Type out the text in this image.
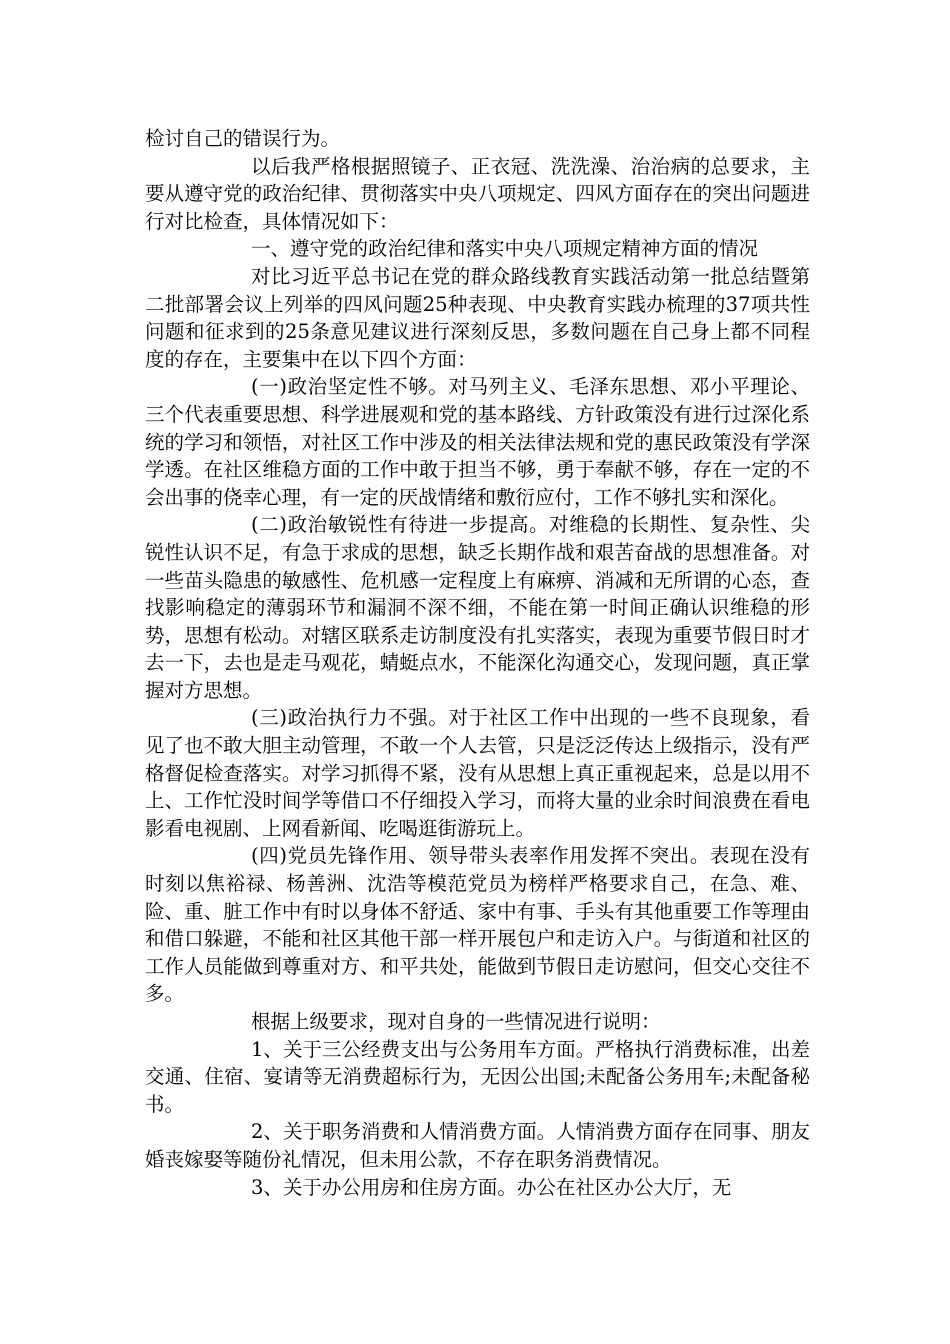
检讨自己的错误行为。

以后我严格根据照镜子、正衣冠、洗洗澡、治治病的总要求，主要从遵守党的政治纪律、贯彻落实中央八项规定、四风方面存在的突出问题进行对比检查，具体情况如下：

一、遵守党的政治纪律和落实中央八项规定精神方面的情况

对比习近平总书记在党的群众路线教育实践活动第一批总结暨第二批部署会议上列举的四风问题25种表现、中央教育实践办梳理的37项共性问题和征求到的25条意见建议进行深刻反思，多数问题在自己身上都不同程度的存在，主要集中在以下四个方面：

(一)政治坚定性不够。对马列主义、毛泽东思想、邓小平理论、三个代表重要思想、科学进展观和党的基本路线、方针政策没有进行过深化系统的学习和领悟，对社区工作中涉及的相关法律法规和党的惠民政策没有学深学透。在社区维稳方面的工作中敢于担当不够，勇于奉献不够，存在一定的不会出事的侥幸心理，有一定的厌战情绪和敷衍应付，工作不够扎实和深化。

(二)政治敏锐性有待进一步提高。对维稳的长期性、复杂性、尖锐性认识不足，有急于求成的思想，缺乏长期作战和艰苦奋战的思想准备。对一些苗头隐患的敏感性、危机感一定程度上有麻痹、消减和无所谓的心态，查找影响稳定的薄弱环节和漏洞不深不细，不能在第一时间正确认识维稳的形势，思想有松动。对辖区联系走访制度没有扎实落实，表现为重要节假日时才去一下，去也是走马观花，蜻蜓点水，不能深化沟通交心，发现问题，真正掌握对方思想。

(三)政治执行力不强。对于社区工作中出现的一些不良现象，看见了也不敢大胆主动管理，不敢一个人去管，只是泛泛传达上级指示，没有严格督促检查落实。对学习抓得不紧，没有从思想上真正重视起来，总是以用不上、工作忙没时间学等借口不仔细投入学习，而将大量的业余时间浪费在看电影看电视剧、上网看新闻、吃喝逛街游玩上。

(四)党员先锋作用、领导带头表率作用发挥不突出。表现在没有时刻以焦裕禄、杨善洲、沈浩等模范党员为榜样严格要求自己，在急、难、险、重、脏工作中有时以身体不舒适、家中有事、手头有其他重要工作等理由和借口躲避，不能和社区其他干部一样开展包户和走访入户。与街道和社区的工作人员能做到尊重对方、和平共处，能做到节假日走访慰问，但交心交往不多。

根据上级要求，现对自身的一些情况进行说明：

1、关于三公经费支出与公务用车方面。严格执行消费标准，出差交通、住宿、宴请等无消费超标行为，无因公出国;未配备公务用车;未配备秘书。

2、关于职务消费和人情消费方面。人情消费方面存在同事、朋友婚丧嫁娶等随份礼情况，但未用公款，不存在职务消费情况。

3、关于办公用房和住房方面。办公在社区办公大厅，无
